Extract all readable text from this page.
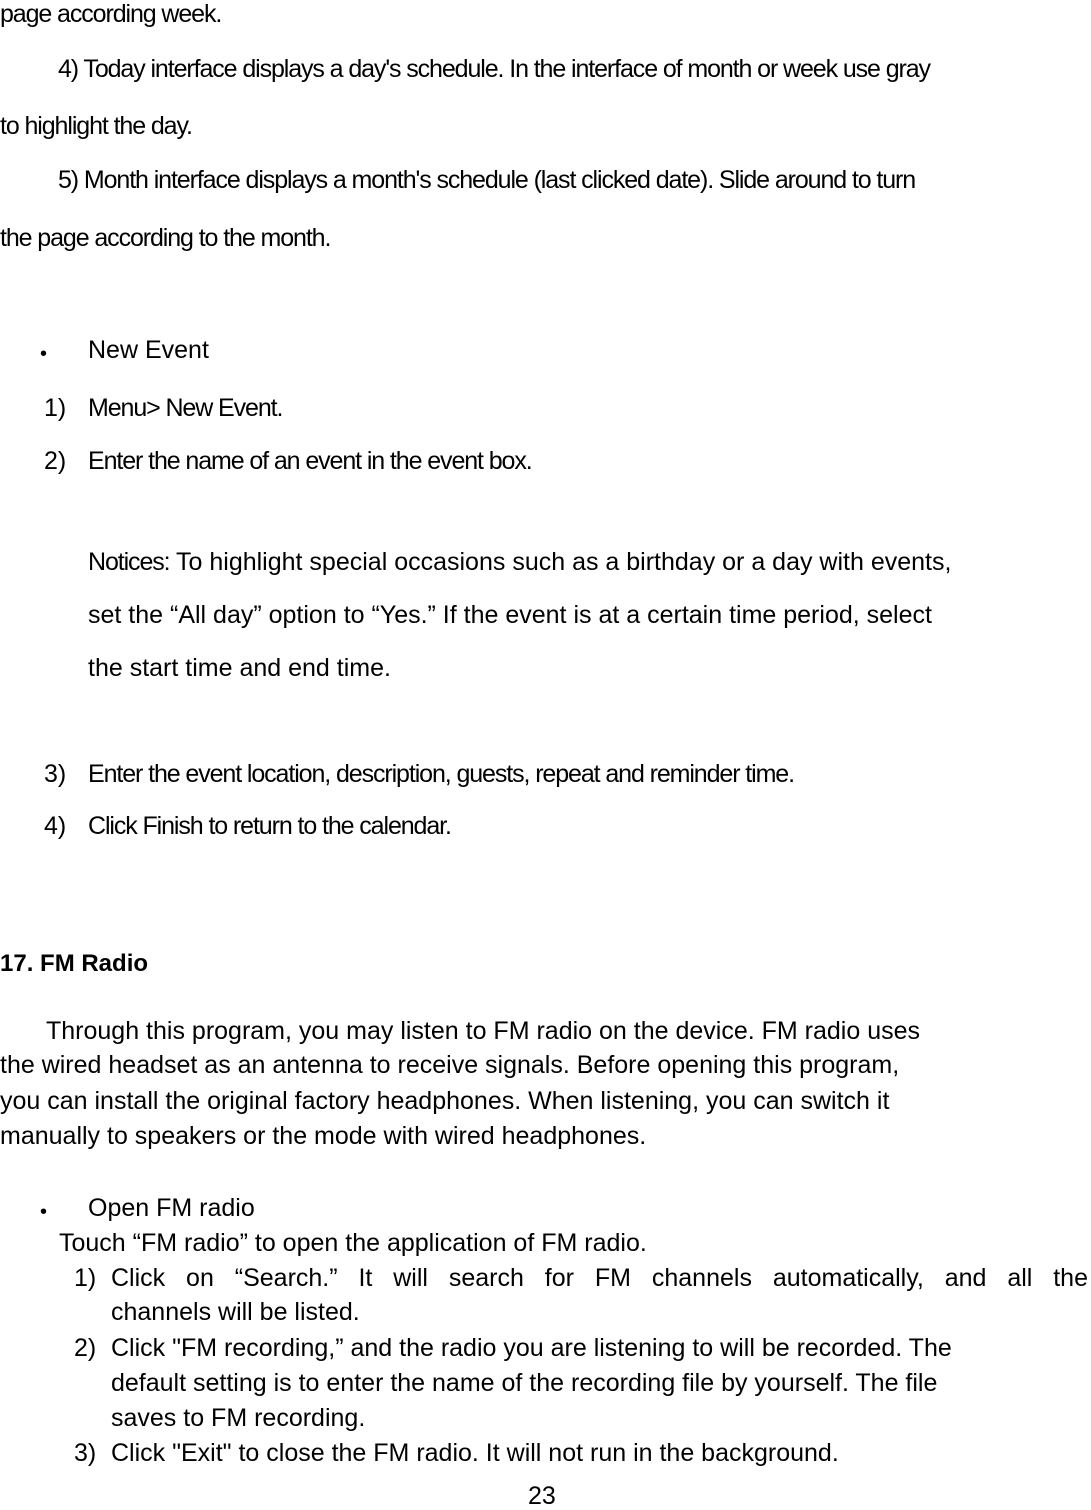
page according week.
4) Today interface displays a day's schedule. In the interface of month or week use gray
to highlight the day.
5) Month interface displays a month's schedule (last clicked date). Slide around to turn
the page according to the month.
• New Event
1) Menu> New Event.
2) Enter the name of an event in the event box.
Notices: To highlight special occasions such as a birthday or a day with events,
set the “All day” option to “Yes.” If the event is at a certain time period, select
the start time and end time.
3) Enter the event location, description, guests, repeat and reminder time.
4) Click Finish to return to the calendar.
17. FM Radio
Through this program, you may listen to FM radio on the device. FM radio uses
the wired headset as an antenna to receive signals. Before opening this program,
you can install the original factory headphones. When listening, you can switch it
manually to speakers or the mode with wired headphones.
• Open FM radio
Touch “FM radio” to open the application of FM radio.
1) Click on “Search.” It will search for FM channels automatically, and all the
channels will be listed.
2) Click "FM recording,” and the radio you are listening to will be recorded. The
default setting is to enter the name of the recording file by yourself. The file
saves to FM recording.
3) Click "Exit" to close the FM radio. It will not run in the background.
23
